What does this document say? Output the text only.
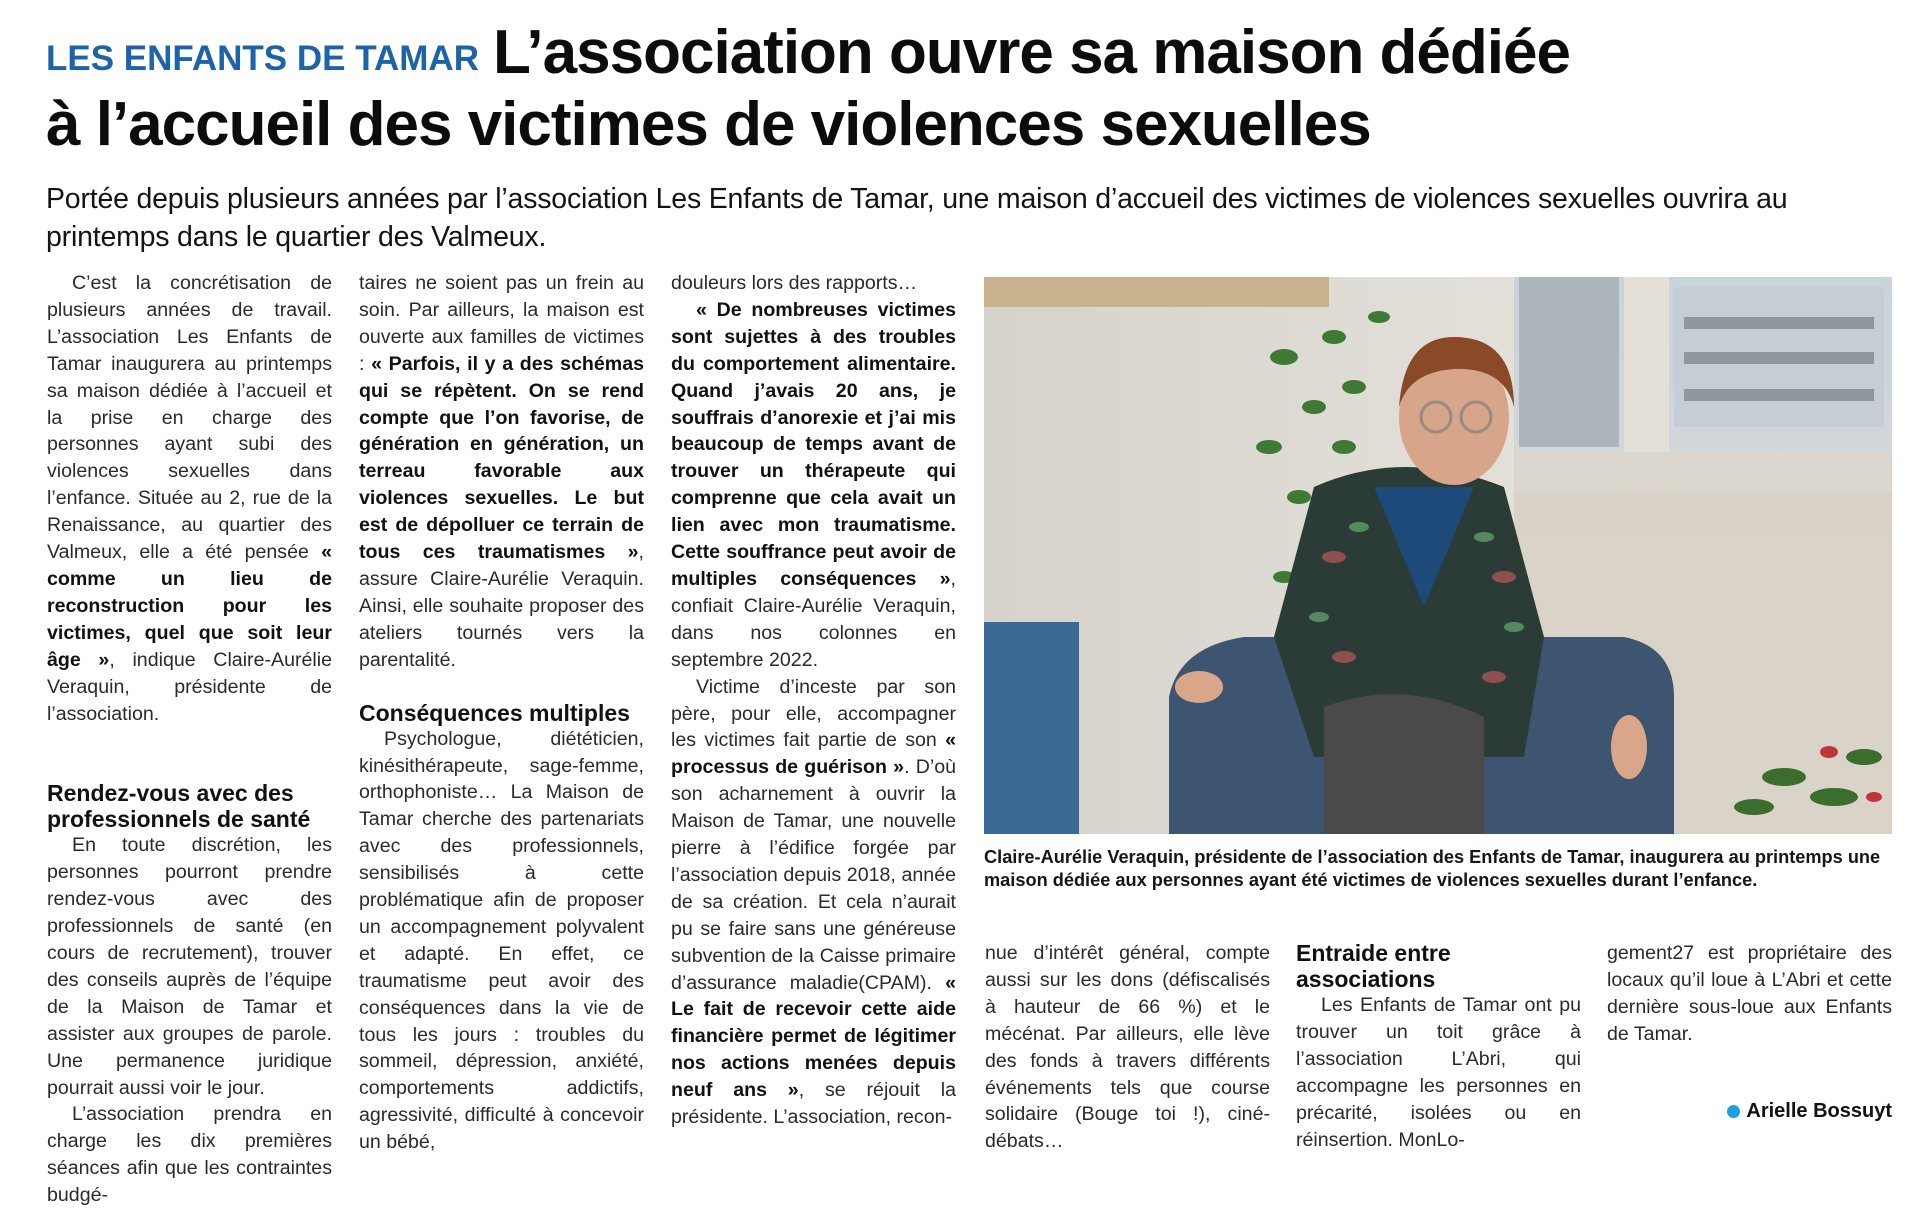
LES ENFANTS DE TAMAR L’association ouvre sa maison dédiée
à l’accueil des victimes de violences sexuelles
Portée depuis plusieurs années par l’association Les Enfants de Tamar, une maison d’accueil des victimes de violences sexuelles ouvrira au printemps dans le quartier des Valmeux.

C’est la concrétisation de plusieurs années de travail. L’association Les Enfants de Tamar inaugurera au printemps sa maison dédiée à l’accueil et la prise en charge des personnes ayant subi des violences sexuelles dans l’enfance. Située au 2, rue de la Renaissance, au quartier des Valmeux, elle a été pensée « comme un lieu de reconstruction pour les victimes, quel que soit leur âge », indique Claire-Aurélie Veraquin, présidente de l’association.

Rendez-vous avec des professionnels de santé

En toute discrétion, les personnes pourront prendre rendez-vous avec des professionnels de santé (en cours de recrutement), trouver des conseils auprès de l’équipe de la Maison de Tamar et assister aux groupes de parole. Une permanence juridique pourrait aussi voir le jour.

L’association prendra en charge les dix premières séances afin que les contraintes budgé-

taires ne soient pas un frein au soin. Par ailleurs, la maison est ouverte aux familles de victimes : « Parfois, il y a des schémas qui se répètent. On se rend compte que l’on favorise, de génération en génération, un terreau favorable aux violences sexuelles. Le but est de dépolluer ce terrain de tous ces traumatismes », assure Claire-Aurélie Veraquin. Ainsi, elle souhaite proposer des ateliers tournés vers la parentalité.

Conséquences multiples

Psychologue, diététicien, kinésithérapeute, sage-femme, orthophoniste… La Maison de Tamar cherche des partenariats avec des professionnels, sensibilisés à cette problématique afin de proposer un accompagnement polyvalent et adapté. En effet, ce traumatisme peut avoir des conséquences dans la vie de tous les jours : troubles du sommeil, dépression, anxiété, comportements addictifs, agressivité, difficulté à concevoir un bébé,

douleurs lors des rapports…

« De nombreuses victimes sont sujettes à des troubles du comportement alimentaire. Quand j’avais 20 ans, je souffrais d’anorexie et j’ai mis beaucoup de temps avant de trouver un thérapeute qui comprenne que cela avait un lien avec mon traumatisme. Cette souffrance peut avoir de multiples conséquences », confiait Claire-Aurélie Veraquin, dans nos colonnes en septembre 2022.

Victime d’inceste par son père, pour elle, accompagner les victimes fait partie de son « processus de guérison ». D’où son acharnement à ouvrir la Maison de Tamar, une nouvelle pierre à l’édifice forgée par l’association depuis 2018, année de sa création. Et cela n’aurait pu se faire sans une généreuse subvention de la Caisse primaire d’assurance maladie(CPAM). « Le fait de recevoir cette aide financière permet de légitimer nos actions menées depuis neuf ans », se réjouit la présidente. L’association, recon-

Claire-Aurélie Veraquin, présidente de l’association des Enfants de Tamar, inaugurera au printemps une maison dédiée aux personnes ayant été victimes de violences sexuelles durant l’enfance.

nue d’intérêt général, compte aussi sur les dons (défiscalisés à hauteur de 66 %) et le mécénat. Par ailleurs, elle lève des fonds à travers différents événements tels que course solidaire (Bouge toi !), ciné-débats…

Entraide entre associations

Les Enfants de Tamar ont pu trouver un toit grâce à l’association L’Abri, qui accompagne les personnes en précarité, isolées ou en réinsertion. MonLo-

gement27 est propriétaire des locaux qu’il loue à L’Abri et cette dernière sous-loue aux Enfants de Tamar.

Arielle Bossuyt
